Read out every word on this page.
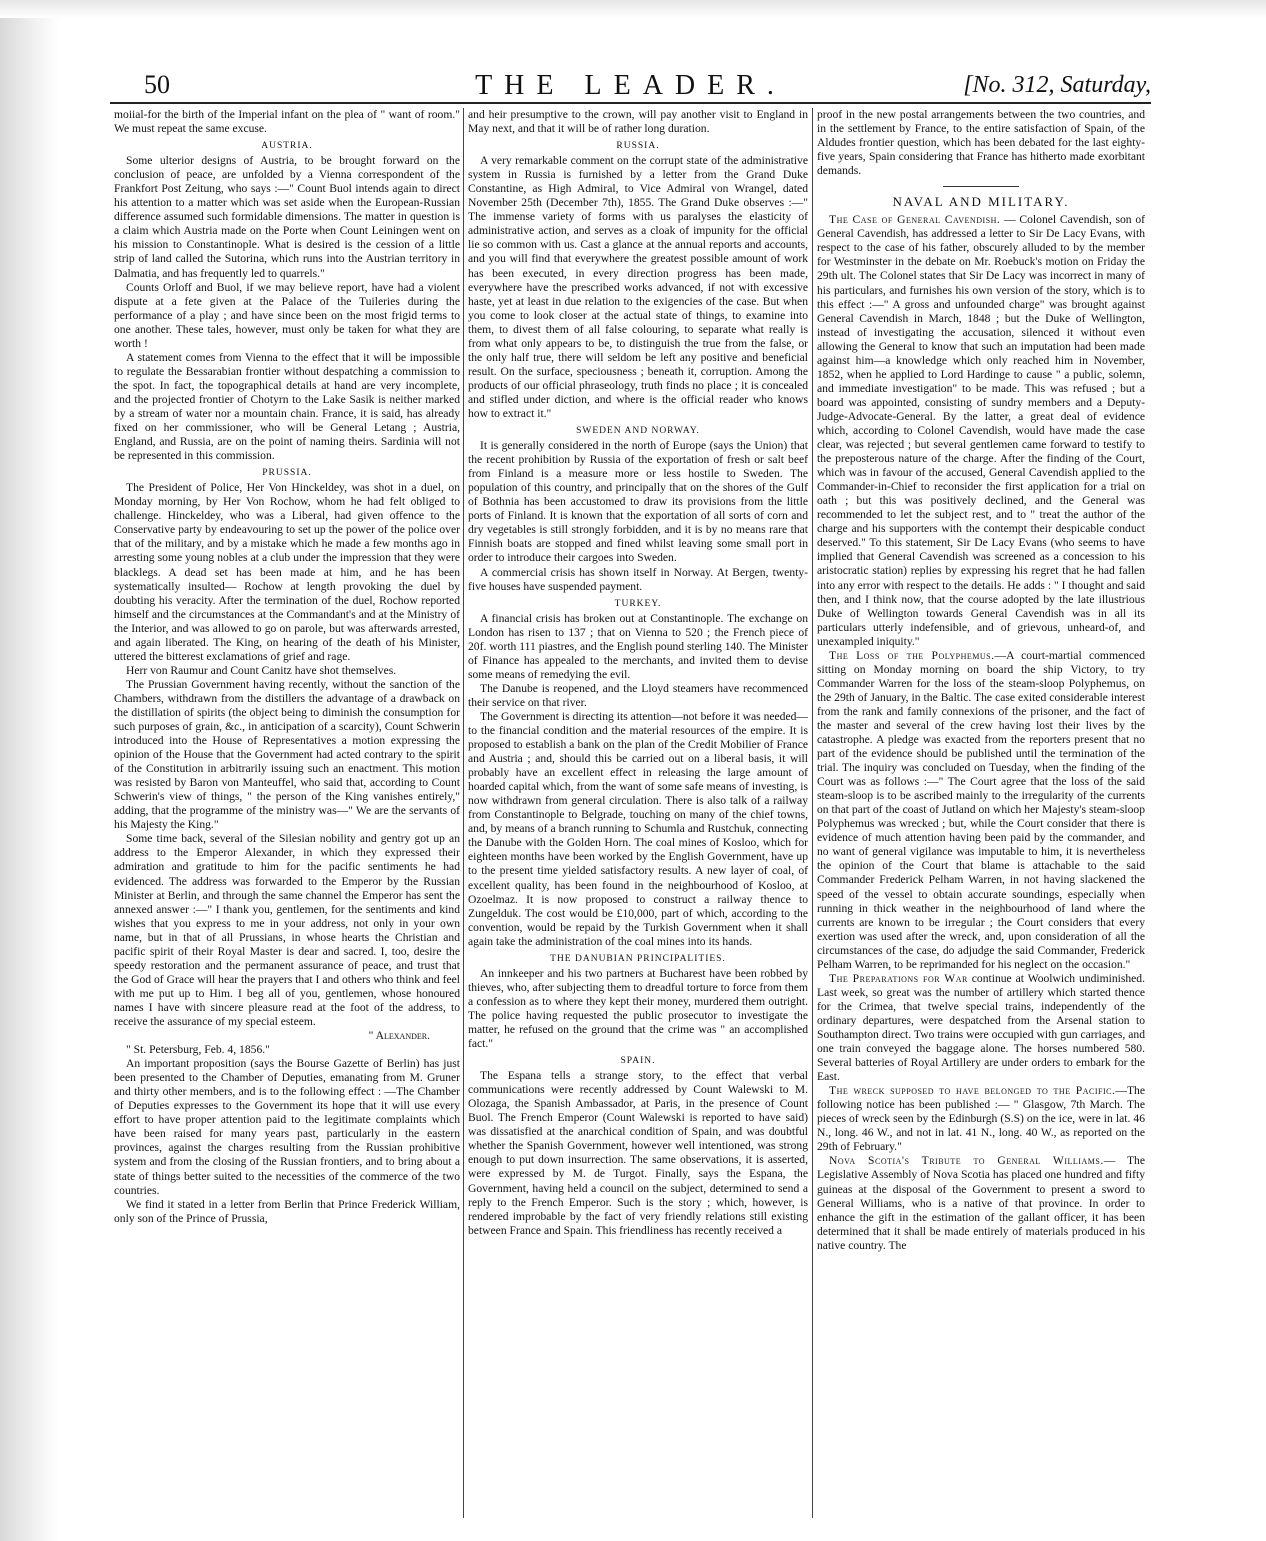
50	THE LEADER.	[No. 312, Saturday,

moiial-for the birth of the Imperial infant on the plea of " want of room." We must repeat the same excuse.

AUSTRIA.

Some ulterior designs of Austria, to be brought forward on the conclusion of peace, are unfolded by a Vienna correspondent of the Frankfort Post Zeitung, who says :—" Count Buol intends again to direct his attention to a matter which was set aside when the European-Russian difference assumed such formidable dimensions. The matter in question is a claim which Austria made on the Porte when Count Leiningen went on his mission to Constantinople. What is desired is the cession of a little strip of land called the Sutorina, which runs into the Austrian territory in Dalmatia, and has frequently led to quarrels."

Counts Orloff and Buol, if we may believe report, have had a violent dispute at a fete given at the Palace of the Tuileries during the performance of a play ; and have since been on the most frigid terms to one another. These tales, however, must only be taken for what they are worth !

A statement comes from Vienna to the effect that it will be impossible to regulate the Bessarabian frontier without despatching a commission to the spot. In fact, the topographical details at hand are very incomplete, and the projected frontier of Chotyrn to the Lake Sasik is neither marked by a stream of water nor a mountain chain. France, it is said, has already fixed on her commissioner, who will be General Letang ; Austria, England, and Russia, are on the point of naming theirs. Sardinia will not be represented in this commission.

PRUSSIA.

The President of Police, Her Von Hinckeldey, was shot in a duel, on Monday morning, by Her Von Rochow, whom he had felt obliged to challenge. Hinckeldey, who was a Liberal, had given offence to the Conservative party by endeavouring to set up the power of the police over that of the military, and by a mistake which he made a few months ago in arresting some young nobles at a club under the impression that they were blacklegs. A dead set has been made at him, and he has been systematically insulted— Rochow at length provoking the duel by doubting his veracity. After the termination of the duel, Rochow reported himself and the circumstances at the Commandant's and at the Ministry of the Interior, and was allowed to go on parole, but was afterwards arrested, and again liberated. The King, on hearing of the death of his Minister, uttered the bitterest exclamations of grief and rage.

Herr von Raumur and Count Canitz have shot themselves.

The Prussian Government having recently, without the sanction of the Chambers, withdrawn from the distillers the advantage of a drawback on the distillation of spirits (the object being to diminish the consumption for such purposes of grain, &c., in anticipation of a scarcity), Count Schwerin introduced into the House of Representatives a motion expressing the opinion of the House that the Government had acted contrary to the spirit of the Constitution in arbitrarily issuing such an enactment. This motion was resisted by Baron von Manteuffel, who said that, according to Count Schwerin's view of things, " the person of the King vanishes entirely," adding, that the programme of the ministry was—" We are the servants of his Majesty the King."

Some time back, several of the Silesian nobility and gentry got up an address to the Emperor Alexander, in which they expressed their admiration and gratitude to him for the pacific sentiments he had evidenced. The address was forwarded to the Emperor by the Russian Minister at Berlin, and through the same channel the Emperor has sent the annexed answer :—" I thank you, gentlemen, for the sentiments and kind wishes that you express to me in your address, not only in your own name, but in that of all Prussians, in whose hearts the Christian and pacific spirit of their Royal Master is dear and sacred. I, too, desire the speedy restoration and the permanent assurance of peace, and trust that the God of Grace will hear the prayers that I and others who think and feel with me put up to Him. I beg all of you, gentlemen, whose honoured names I have with sincere pleasure read at the foot of the address, to receive the assurance of my special esteem.

" Alexander.

" St. Petersburg, Feb. 4, 1856."

An important proposition (says the Bourse Gazette of Berlin) has just been presented to the Chamber of Deputies, emanating from M. Gruner and thirty other members, and is to the following effect : —The Chamber of Deputies expresses to the Government its hope that it will use every effort to have proper attention paid to the legitimate complaints which have been raised for many years past, particularly in the eastern provinces, against the charges resulting from the Russian prohibitive system and from the closing of the Russian frontiers, and to bring about a state of things better suited to the necessities of the commerce of the two countries.

We find it stated in a letter from Berlin that Prince Frederick William, only son of the Prince of Prussia,

and heir presumptive to the crown, will pay another visit to England in May next, and that it will be of rather long duration.

RUSSIA.

A very remarkable comment on the corrupt state of the administrative system in Russia is furnished by a letter from the Grand Duke Constantine, as High Admiral, to Vice Admiral von Wrangel, dated November 25th (December 7th), 1855. The Grand Duke observes :—" The immense variety of forms with us paralyses the elasticity of administrative action, and serves as a cloak of impunity for the official lie so common with us. Cast a glance at the annual reports and accounts, and you will find that everywhere the greatest possible amount of work has been executed, in every direction progress has been made, everywhere have the prescribed works advanced, if not with excessive haste, yet at least in due relation to the exigencies of the case. But when you come to look closer at the actual state of things, to examine into them, to divest them of all false colouring, to separate what really is from what only appears to be, to distinguish the true from the false, or the only half true, there will seldom be left any positive and beneficial result. On the surface, speciousness ; beneath it, corruption. Among the products of our official phraseology, truth finds no place ; it is concealed and stifled under diction, and where is the official reader who knows how to extract it."

SWEDEN AND NORWAY.

It is generally considered in the north of Europe (says the Union) that the recent prohibition by Russia of the exportation of fresh or salt beef from Finland is a measure more or less hostile to Sweden. The population of this country, and principally that on the shores of the Gulf of Bothnia has been accustomed to draw its provisions from the little ports of Finland. It is known that the exportation of all sorts of corn and dry vegetables is still strongly forbidden, and it is by no means rare that Finnish boats are stopped and fined whilst leaving some small port in order to introduce their cargoes into Sweden.

A commercial crisis has shown itself in Norway. At Bergen, twenty-five houses have suspended payment.

TURKEY.

A financial crisis has broken out at Constantinople. The exchange on London has risen to 137 ; that on Vienna to 520 ; the French piece of 20f. worth 111 piastres, and the English pound sterling 140. The Minister of Finance has appealed to the merchants, and invited them to devise some means of remedying the evil.

The Danube is reopened, and the Lloyd steamers have recommenced their service on that river.

The Government is directing its attention—not before it was needed—to the financial condition and the material resources of the empire. It is proposed to establish a bank on the plan of the Credit Mobilier of France and Austria ; and, should this be carried out on a liberal basis, it will probably have an excellent effect in releasing the large amount of hoarded capital which, from the want of some safe means of investing, is now withdrawn from general circulation. There is also talk of a railway from Constantinople to Belgrade, touching on many of the chief towns, and, by means of a branch running to Schumla and Rustchuk, connecting the Danube with the Golden Horn. The coal mines of Kosloo, which for eighteen months have been worked by the English Government, have up to the present time yielded satisfactory results. A new layer of coal, of excellent quality, has been found in the neighbourhood of Kosloo, at Ozoelmaz. It is now proposed to construct a railway thence to Zungelduk. The cost would be £10,000, part of which, according to the convention, would be repaid by the Turkish Government when it shall again take the administration of the coal mines into its hands.

THE DANUBIAN PRINCIPALITIES.

An innkeeper and his two partners at Bucharest have been robbed by thieves, who, after subjecting them to dreadful torture to force from them a confession as to where they kept their money, murdered them outright. The police having requested the public prosecutor to investigate the matter, he refused on the ground that the crime was " an accomplished fact."

SPAIN.

The Espana tells a strange story, to the effect that verbal communications were recently addressed by Count Walewski to M. Olozaga, the Spanish Ambassador, at Paris, in the presence of Count Buol. The French Emperor (Count Walewski is reported to have said) was dissatisfied at the anarchical condition of Spain, and was doubtful whether the Spanish Government, however well intentioned, was strong enough to put down insurrection. The same observations, it is asserted, were expressed by M. de Turgot. Finally, says the Espana, the Government, having held a council on the subject, determined to send a reply to the French Emperor. Such is the story ; which, however, is rendered improbable by the fact of very friendly relations still existing between France and Spain. This friendliness has recently received a

proof in the new postal arrangements between the two countries, and in the settlement by France, to the entire satisfaction of Spain, of the Aldudes frontier question, which has been debated for the last eighty-five years, Spain considering that France has hitherto made exorbitant demands.

NAVAL AND MILITARY.

The Case of General Cavendish. — Colonel Cavendish, son of General Cavendish, has addressed a letter to Sir De Lacy Evans, with respect to the case of his father, obscurely alluded to by the member for Westminster in the debate on Mr. Roebuck's motion on Friday the 29th ult. The Colonel states that Sir De Lacy was incorrect in many of his particulars, and furnishes his own version of the story, which is to this effect :—" A gross and unfounded charge" was brought against General Cavendish in March, 1848 ; but the Duke of Wellington, instead of investigating the accusation, silenced it without even allowing the General to know that such an imputation had been made against him—a knowledge which only reached him in November, 1852, when he applied to Lord Hardinge to cause " a public, solemn, and immediate investigation" to be made. This was refused ; but a board was appointed, consisting of sundry members and a Deputy-Judge-Advocate-General. By the latter, a great deal of evidence which, according to Colonel Cavendish, would have made the case clear, was rejected ; but several gentlemen came forward to testify to the preposterous nature of the charge. After the finding of the Court, which was in favour of the accused, General Cavendish applied to the Commander-in-Chief to reconsider the first application for a trial on oath ; but this was positively declined, and the General was recommended to let the subject rest, and to " treat the author of the charge and his supporters with the contempt their despicable conduct deserved." To this statement, Sir De Lacy Evans (who seems to have implied that General Cavendish was screened as a concession to his aristocratic station) replies by expressing his regret that he had fallen into any error with respect to the details. He adds : " I thought and said then, and I think now, that the course adopted by the late illustrious Duke of Wellington towards General Cavendish was in all its particulars utterly indefensible, and of grievous, unheard-of, and unexampled iniquity."

The Loss of the Polyphemus.—A court-martial commenced sitting on Monday morning on board the ship Victory, to try Commander Warren for the loss of the steam-sloop Polyphemus, on the 29th of January, in the Baltic. The case exited considerable interest from the rank and family connexions of the prisoner, and the fact of the master and several of the crew having lost their lives by the catastrophe. A pledge was exacted from the reporters present that no part of the evidence should be published until the termination of the trial. The inquiry was concluded on Tuesday, when the finding of the Court was as follows :—" The Court agree that the loss of the said steam-sloop is to be ascribed mainly to the irregularity of the currents on that part of the coast of Jutland on which her Majesty's steam-sloop Polyphemus was wrecked ; but, while the Court consider that there is evidence of much attention having been paid by the commander, and no want of general vigilance was imputable to him, it is nevertheless the opinion of the Court that blame is attachable to the said Commander Frederick Pelham Warren, in not having slackened the speed of the vessel to obtain accurate soundings, especially when running in thick weather in the neighbourhood of land where the currents are known to be irregular ; the Court considers that every exertion was used after the wreck, and, upon consideration of all the circumstances of the case, do adjudge the said Commander, Frederick Pelham Warren, to be reprimanded for his neglect on the occasion."

The Preparations for War continue at Woolwich undiminished. Last week, so great was the number of artillery which started thence for the Crimea, that twelve special trains, independently of the ordinary departures, were despatched from the Arsenal station to Southampton direct. Two trains were occupied with gun carriages, and one train conveyed the baggage alone. The horses numbered 580. Several batteries of Royal Artillery are under orders to embark for the East.

The wreck supposed to have belonged to the Pacific.—The following notice has been published :— " Glasgow, 7th March. The pieces of wreck seen by the Edinburgh (S.S) on the ice, were in lat. 46 N., long. 46 W., and not in lat. 41 N., long. 40 W., as reported on the 29th of February."

Nova Scotia's Tribute to General Williams.— The Legislative Assembly of Nova Scotia has placed one hundred and fifty guineas at the disposal of the Government to present a sword to General Williams, who is a native of that province. In order to enhance the gift in the estimation of the gallant officer, it has been determined that it shall be made entirely of materials produced in his native country. The
